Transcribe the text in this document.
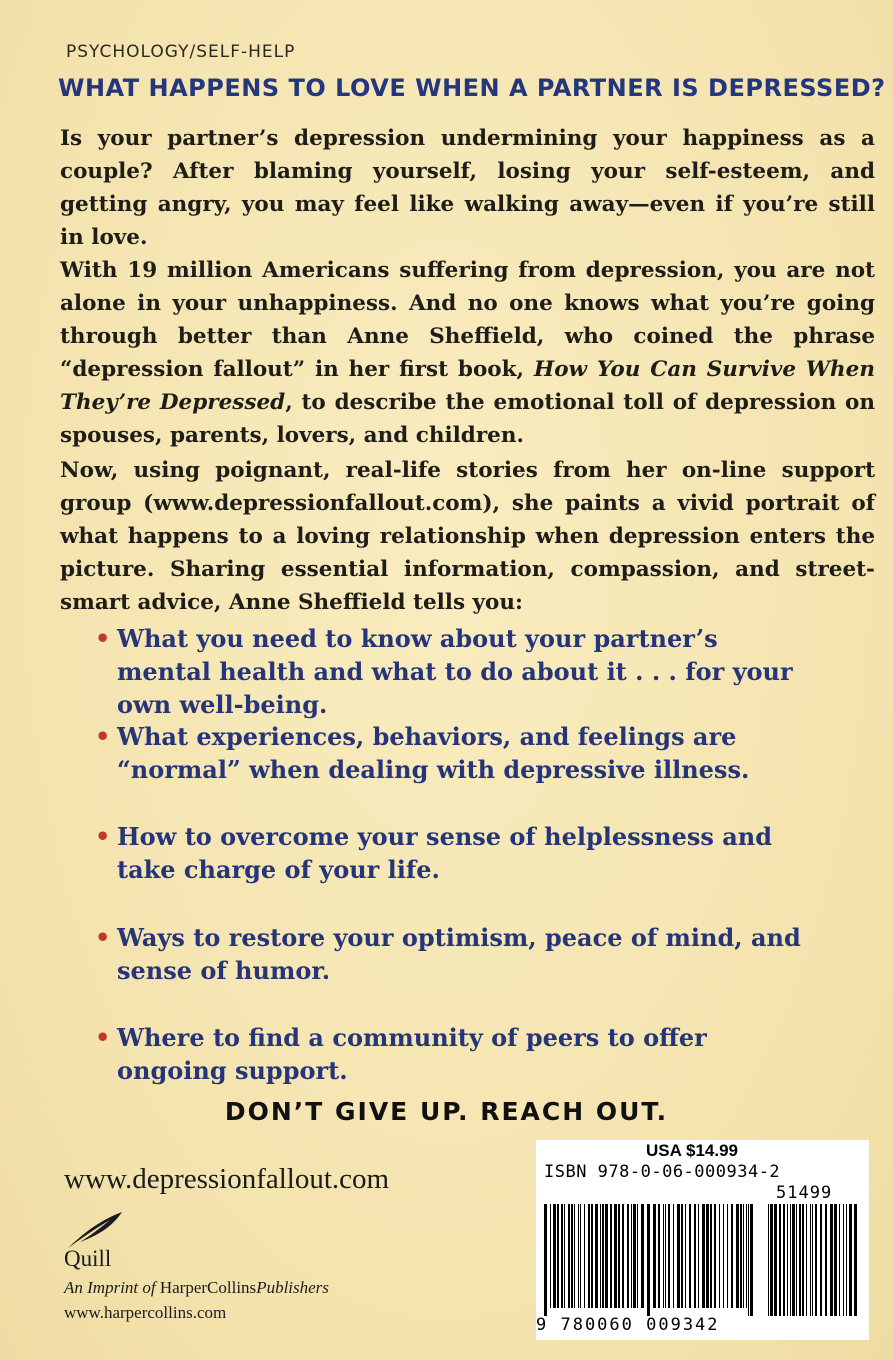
PSYCHOLOGY/SELF-HELP
WHAT HAPPENS TO LOVE WHEN A PARTNER IS DEPRESSED?
Is your partner’s depression undermining your happiness as a couple? After blaming yourself, losing your self-esteem, and getting angry, you may feel like walking away—even if you’re still in love.
With 19 million Americans suffering from depression, you are not alone in your unhappiness. And no one knows what you’re going through better than Anne Sheffield, who coined the phrase “depression fallout” in her first book, How You Can Survive When They’re Depressed, to describe the emotional toll of depression on spouses, parents, lovers, and children.
Now, using poignant, real-life stories from her on-line support group (www.depressionfallout.com), she paints a vivid portrait of what happens to a loving relationship when depression enters the picture. Sharing essential information, compassion, and street-smart advice, Anne Sheffield tells you:
• What you need to know about your partner’s mental health and what to do about it . . . for your own well-being.
• What experiences, behaviors, and feelings are “normal” when dealing with depressive illness.
• How to overcome your sense of helplessness and take charge of your life.
• Ways to restore your optimism, peace of mind, and sense of humor.
• Where to find a community of peers to offer ongoing support.
DON’T GIVE UP. REACH OUT.
www.depressionfallout.com
Quill
An Imprint of HarperCollinsPublishers
www.harpercollins.com
USA $14.99
ISBN 978-0-06-000934-2
51499
9 780060 009342
